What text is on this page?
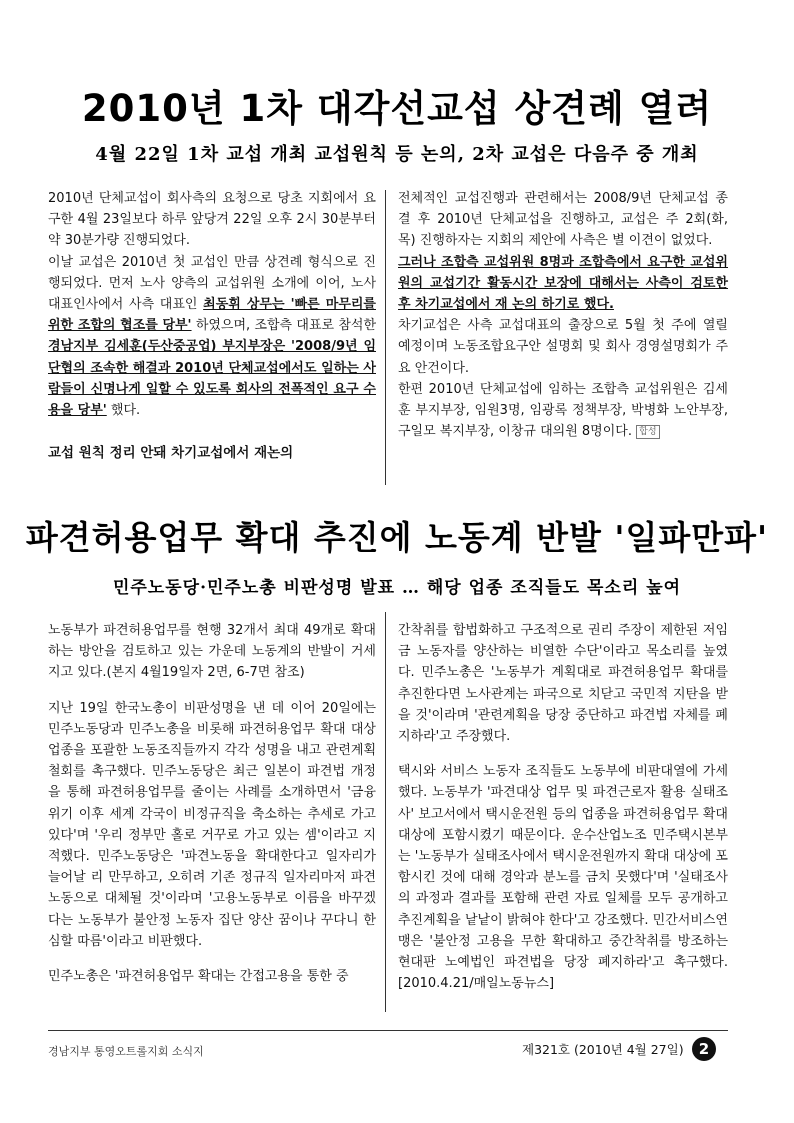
2010년 1차 대각선교섭 상견례 열려
4월 22일 1차 교섭 개최 교섭원칙 등 논의, 2차 교섭은 다음주 중 개최

2010년 단체교섭이 회사측의 요청으로 당초 지회에서 요구한 4월 23일보다 하루 앞당겨 22일 오후 2시 30분부터 약 30분가량 진행되었다.

이날 교섭은 2010년 첫 교섭인 만큼 상견례 형식으로 진행되었다. 먼저 노사 양측의 교섭위원 소개에 이어, 노사 대표인사에서 사측 대표인 최동휘 상무는 '빠른 마무리를 위한 조합의 협조를 당부' 하였으며, 조합측 대표로 참석한 경남지부 김세훈(두산중공업) 부지부장은 '2008/9년 임단협의 조속한 해결과 2010년 단체교섭에서도 일하는 사람들이 신명나게 일할 수 있도록 회사의 전폭적인 요구 수용을 당부' 했다.

교섭 원칙 정리 안돼 차기교섭에서 재논의

전체적인 교섭진행과 관련해서는 2008/9년 단체교섭 종결 후 2010년 단체교섭을 진행하고, 교섭은 주 2회(화, 목) 진행하자는 지회의 제안에 사측은 별 이견이 없었다.

그러나 조합측 교섭위원 8명과 조합측에서 요구한 교섭위원의 교섭기간 활동시간 보장에 대해서는 사측이 검토한 후 차기교섭에서 재 논의 하기로 했다.

차기교섭은 사측 교섭대표의 출장으로 5월 첫 주에 열릴 예정이며 노동조합요구안 설명회 및 회사 경영설명회가 주요 안건이다.

한편 2010년 단체교섭에 임하는 조합측 교섭위원은 김세훈 부지부장, 임원3명, 임광록 정책부장, 박병화 노안부장, 구일모 복지부장, 이창규 대의원 8명이다. 합성

파견허용업무 확대 추진에 노동계 반발 '일파만파'
민주노동당·민주노총 비판성명 발표 … 해당 업종 조직들도 목소리 높여

노동부가 파견허용업무를 현행 32개서 최대 49개로 확대하는 방안을 검토하고 있는 가운데 노동계의 반발이 거세지고 있다.(본지 4월19일자 2면, 6-7면 참조)

지난 19일 한국노총이 비판성명을 낸 데 이어 20일에는 민주노동당과 민주노총을 비롯해 파견허용업무 확대 대상 업종을 포괄한 노동조직들까지 각각 성명을 내고 관련계획 철회를 촉구했다. 민주노동당은 최근 일본이 파견법 개정을 통해 파견허용업무를 줄이는 사례를 소개하면서 '금융위기 이후 세계 각국이 비정규직을 축소하는 추세로 가고 있다'며 '우리 정부만 홀로 거꾸로 가고 있는 셈'이라고 지적했다. 민주노동당은 '파견노동을 확대한다고 일자리가 늘어날 리 만무하고, 오히려 기존 정규직 일자리마저 파견노동으로 대체될 것'이라며 '고용노동부로 이름을 바꾸겠다는 노동부가 불안정 노동자 집단 양산 꿈이나 꾸다니 한심할 따름'이라고 비판했다.

민주노총은 '파견허용업무 확대는 간접고용을 통한 중

간착취를 합법화하고 구조적으로 권리 주장이 제한된 저임금 노동자를 양산하는 비열한 수단'이라고 목소리를 높였다. 민주노총은 '노동부가 계획대로 파견허용업무 확대를 추진한다면 노사관계는 파국으로 치닫고 국민적 지탄을 받을 것'이라며 '관련계획을 당장 중단하고 파견법 자체를 폐지하라'고 주장했다.

택시와 서비스 노동자 조직들도 노동부에 비판대열에 가세했다. 노동부가 '파견대상 업무 및 파견근로자 활용 실태조사' 보고서에서 택시운전원 등의 업종을 파견허용업무 확대 대상에 포함시켰기 때문이다. 운수산업노조 민주택시본부는 '노동부가 실태조사에서 택시운전원까지 확대 대상에 포함시킨 것에 대해 경악과 분노를 금치 못했다'며 '실태조사의 과정과 결과를 포함해 관련 자료 일체를 모두 공개하고 추진계획을 낱낱이 밝혀야 한다'고 강조했다. 민간서비스연맹은 '불안정 고용을 무한 확대하고 중간착취를 방조하는 현대판 노예법인 파견법을 당장 폐지하라'고 촉구했다. [2010.4.21/매일노동뉴스]

경남지부 통영오트롤지회 소식지	제321호 (2010년 4월 27일)	2
